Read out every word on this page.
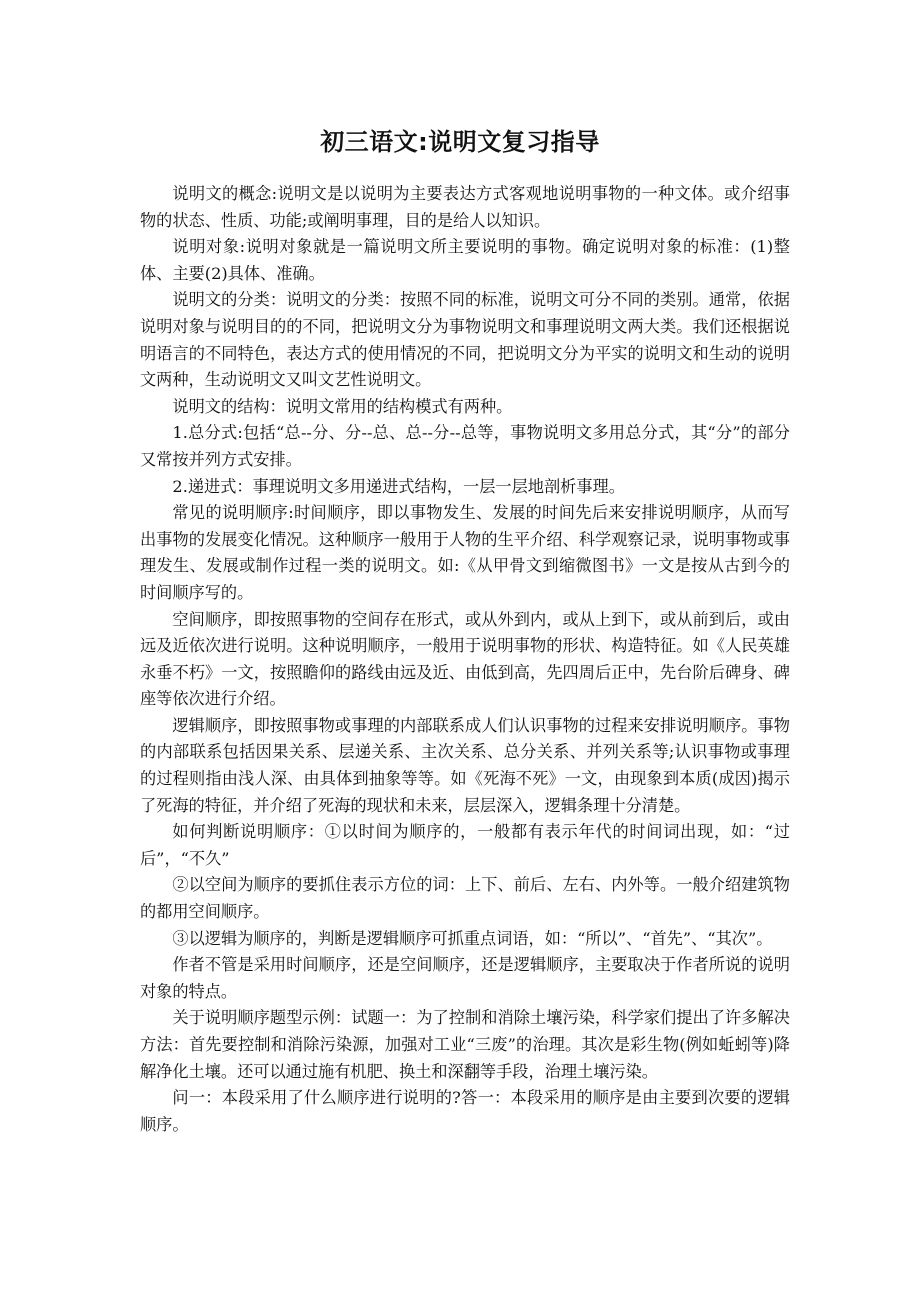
初三语文:说明文复习指导

说明文的概念:说明文是以说明为主要表达方式客观地说明事物的一种文体。或介绍事物的状态、性质、功能;或阐明事理，目的是给人以知识。

说明对象:说明对象就是一篇说明文所主要说明的事物。确定说明对象的标准：(1)整体、主要(2)具体、准确。

说明文的分类：说明文的分类：按照不同的标准，说明文可分不同的类别。通常，依据说明对象与说明目的的不同，把说明文分为事物说明文和事理说明文两大类。我们还根据说明语言的不同特色，表达方式的使用情况的不同，把说明文分为平实的说明文和生动的说明文两种，生动说明文又叫文艺性说明文。

说明文的结构：说明文常用的结构模式有两种。

1.总分式:包括“总--分、分--总、总--分--总等，事物说明文多用总分式，其“分”的部分又常按并列方式安排。

2.递进式：事理说明文多用递进式结构，一层一层地剖析事理。

常见的说明顺序:时间顺序，即以事物发生、发展的时间先后来安排说明顺序，从而写出事物的发展变化情况。这种顺序一般用于人物的生平介绍、科学观察记录，说明事物或事理发生、发展或制作过程一类的说明文。如:《从甲骨文到缩微图书》一文是按从古到今的时间顺序写的。

空间顺序，即按照事物的空间存在形式，或从外到内，或从上到下，或从前到后，或由远及近依次进行说明。这种说明顺序，一般用于说明事物的形状、构造特征。如《人民英雄永垂不朽》一文，按照瞻仰的路线由远及近、由低到高，先四周后正中，先台阶后碑身、碑座等依次进行介绍。

逻辑顺序，即按照事物或事理的内部联系成人们认识事物的过程来安排说明顺序。事物的内部联系包括因果关系、层递关系、主次关系、总分关系、并列关系等;认识事物或事理的过程则指由浅人深、由具体到抽象等等。如《死海不死》一文，由现象到本质(成因)揭示了死海的特征，并介绍了死海的现状和未来，层层深入，逻辑条理十分清楚。

如何判断说明顺序：①以时间为顺序的，一般都有表示年代的时间词出现，如：“过后”，“不久”

②以空间为顺序的要抓住表示方位的词：上下、前后、左右、内外等。一般介绍建筑物的都用空间顺序。

③以逻辑为顺序的，判断是逻辑顺序可抓重点词语，如：“所以”、“首先”、“其次”。

作者不管是采用时间顺序，还是空间顺序，还是逻辑顺序，主要取决于作者所说的说明对象的特点。

关于说明顺序题型示例：试题一：为了控制和消除土壤污染，科学家们提出了许多解决方法：首先要控制和消除污染源，加强对工业“三废”的治理。其次是彩生物(例如蚯蚓等)降解净化土壤。还可以通过施有机肥、换土和深翻等手段，治理土壤污染。

问一：本段采用了什么顺序进行说明的?答一：本段采用的顺序是由主要到次要的逻辑顺序。
